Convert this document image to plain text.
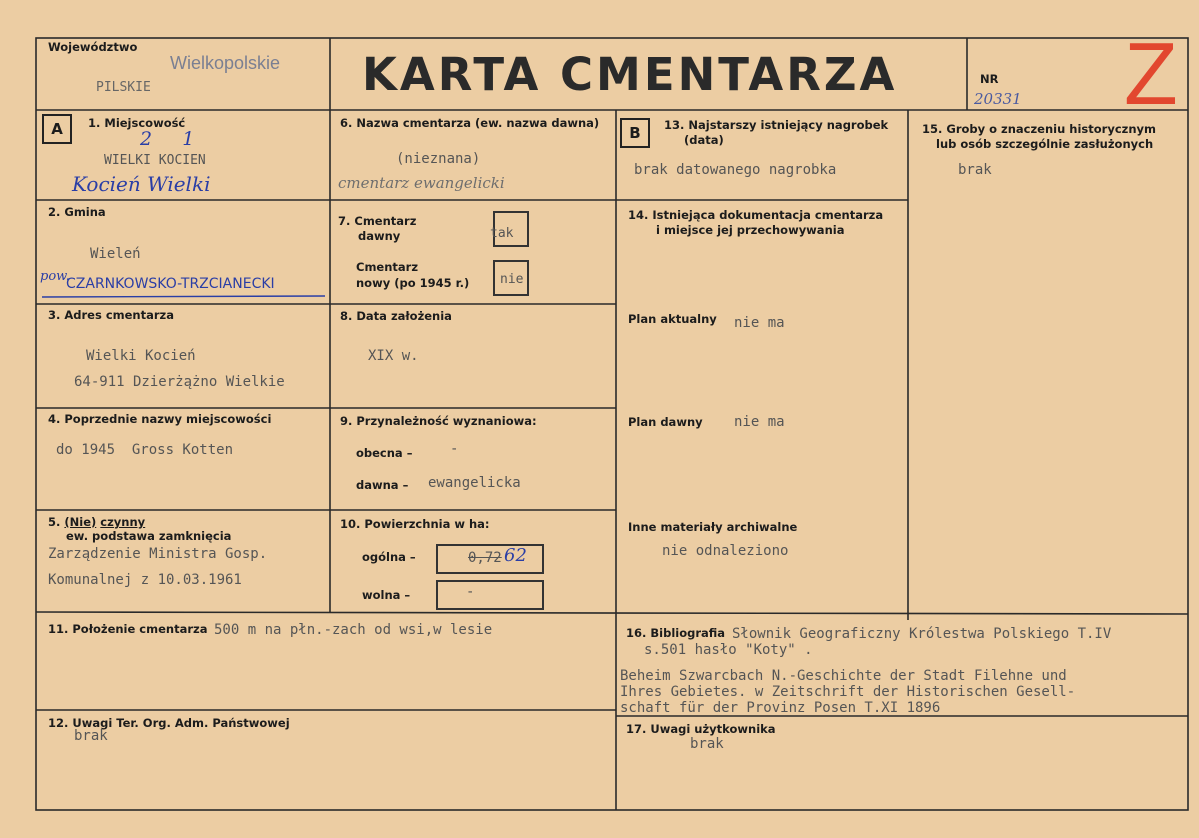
Województwo
Wielkopolskie
PILSKIE	KARTA CMENTARZA	NR
20331 Z
A	B
1. Miejscowość
2     1
WIELKI KOCIEN
Kocień Wielki
2. Gmina
Wieleń
pow.
CZARNKOWSKO-TRZCIANECKI
3. Adres cmentarza
Wielki Kocień
64-911 Dzierżążno Wielkie
4. Poprzednie nazwy miejscowości
do 1945  Gross Kotten
5. (Nie) czynny
ew. podstawa zamknięcia
Zarządzenie Ministra Gosp.
Komunalnej z 10.03.1961
6. Nazwa cmentarza (ew. nazwa dawna)
(nieznana)
cmentarz ewangelicki
7. Cmentarz
dawny	tak
Cmentarz
nowy (po 1945 r.) nie
8. Data założenia
XIX w.
9. Przynależność wyznaniowa:
obecna –	-
dawna – ewangelicka
10. Powierzchnia w ha:
ogólna –	0,72 62
wolna –	-
11. Położenie cmentarza 500 m na płn.-zach od wsi,w lesie
12. Uwagi Ter. Org. Adm. Państwowej
brak
13. Najstarszy istniejący nagrobek
(data)
brak datowanego nagrobka
14. Istniejąca dokumentacja cmentarza
i miejsce jej przechowywania
Plan aktualny nie ma
Plan dawny nie ma
Inne materiały archiwalne
nie odnaleziono
15. Groby o znaczeniu historycznym
lub osób szczególnie zasłużonych
brak
16. Bibliografia Słownik Geograficzny Królestwa Polskiego T.IV
s.501 hasło "Koty" .
Beheim Szwarcbach N.-Geschichte der Stadt Filehne und
Ihres Gebietes. w Zeitschrift der Historischen Gesell-
schaft für der Provinz Posen T.XI 1896
17. Uwagi użytkownika
brak
